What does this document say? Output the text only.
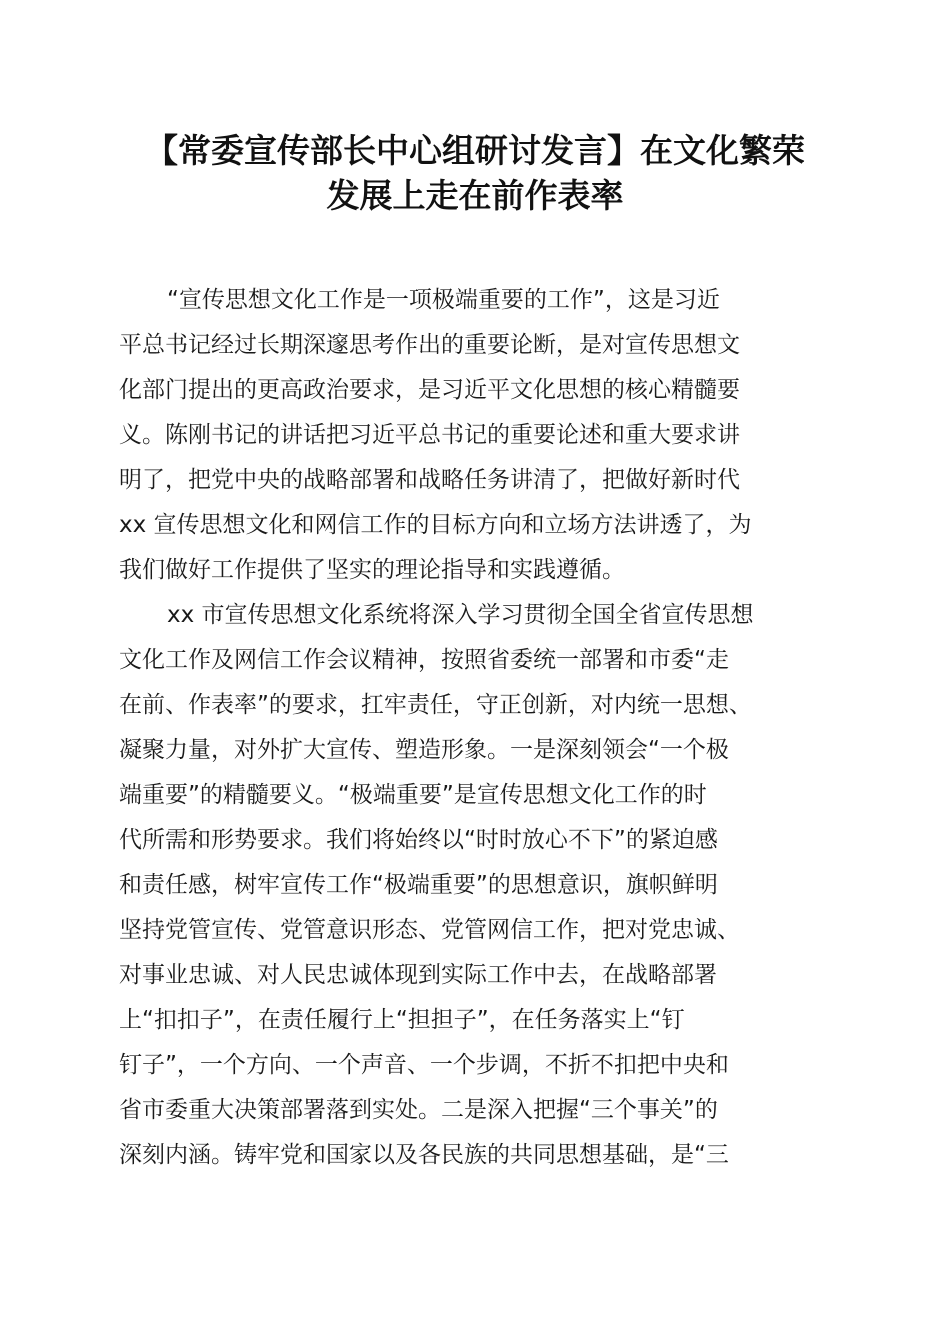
【常委宣传部长中心组研讨发言】在文化繁荣
发展上走在前作表率
“宣传思想文化工作是一项极端重要的工作”，这是习近
平总书记经过长期深邃思考作出的重要论断，是对宣传思想文
化部门提出的更高政治要求，是习近平文化思想的核心精髓要
义。陈刚书记的讲话把习近平总书记的重要论述和重大要求讲
明了，把党中央的战略部署和战略任务讲清了，把做好新时代
xx 宣传思想文化和网信工作的目标方向和立场方法讲透了，为
我们做好工作提供了坚实的理论指导和实践遵循。
xx 市宣传思想文化系统将深入学习贯彻全国全省宣传思想
文化工作及网信工作会议精神，按照省委统一部署和市委“走
在前、作表率”的要求，扛牢责任，守正创新，对内统一思想、
凝聚力量，对外扩大宣传、塑造形象。一是深刻领会“一个极
端重要”的精髓要义。“极端重要”是宣传思想文化工作的时
代所需和形势要求。我们将始终以“时时放心不下”的紧迫感
和责任感，树牢宣传工作“极端重要”的思想意识，旗帜鲜明
坚持党管宣传、党管意识形态、党管网信工作，把对党忠诚、
对事业忠诚、对人民忠诚体现到实际工作中去，在战略部署
上“扣扣子”，在责任履行上“担担子”，在任务落实上“钉
钉子”，一个方向、一个声音、一个步调，不折不扣把中央和
省市委重大决策部署落到实处。二是深入把握“三个事关”的
深刻内涵。铸牢党和国家以及各民族的共同思想基础，是“三
